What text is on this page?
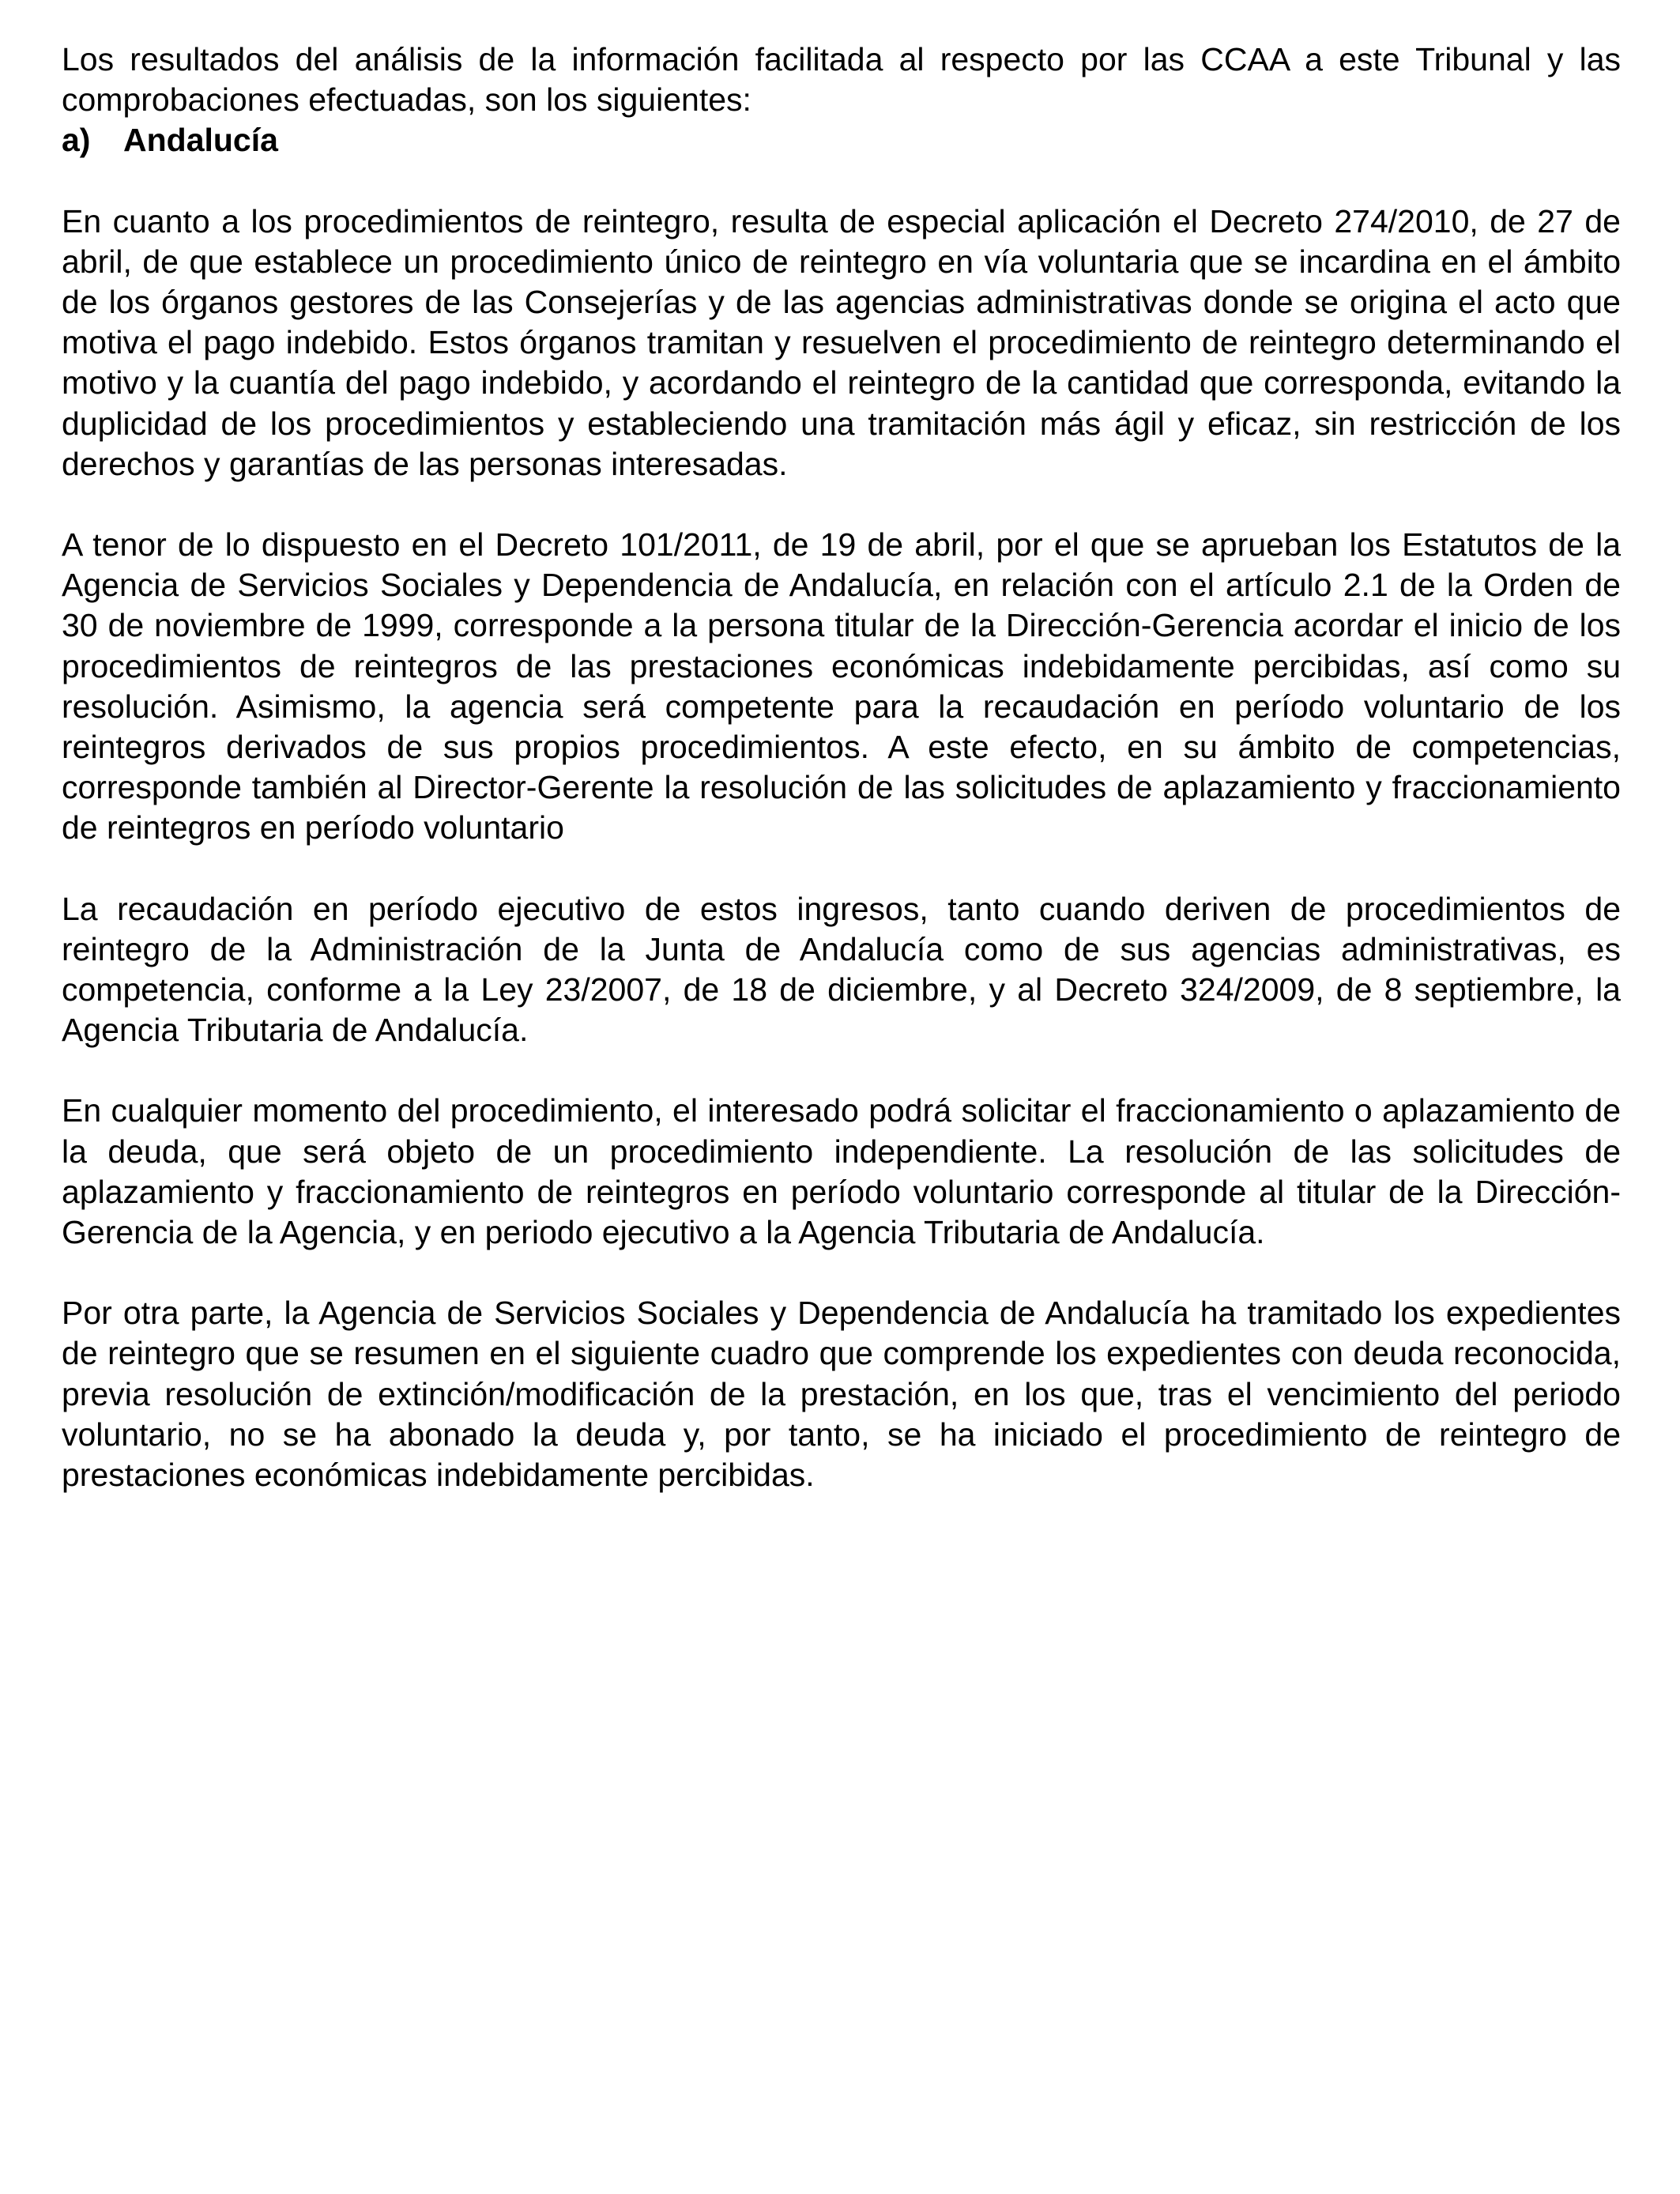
Los resultados del análisis de la información facilitada al respecto por las CCAA a este Tribunal y las comprobaciones efectuadas, son los siguientes:

a)	Andalucía

En cuanto a los procedimientos de reintegro, resulta de especial aplicación el Decreto 274/2010, de 27 de abril, de que establece un procedimiento único de reintegro en vía voluntaria que se incardina en el ámbito de los órganos gestores de las Consejerías y de las agencias administrativas donde se origina el acto que motiva el pago indebido. Estos órganos tramitan y resuelven el procedimiento de reintegro determinando el motivo y la cuantía del pago indebido, y acordando el reintegro de la cantidad que corresponda, evitando la duplicidad de los procedimientos y estableciendo una tramitación más ágil y eficaz, sin restricción de los derechos y garantías de las personas interesadas.

A tenor de lo dispuesto en el Decreto 101/2011, de 19 de abril, por el que se aprueban los Estatutos de la Agencia de Servicios Sociales y Dependencia de Andalucía, en relación con el artículo 2.1 de la Orden de 30 de noviembre de 1999, corresponde a la persona titular de la Dirección-Gerencia acordar el inicio de los procedimientos de reintegros de las prestaciones económicas indebidamente percibidas, así como su resolución. Asimismo, la agencia será competente para la recaudación en período voluntario de los reintegros derivados de sus propios procedimientos. A este efecto, en su ámbito de competencias, corresponde también al Director-Gerente la resolución de las solicitudes de aplazamiento y fraccionamiento de reintegros en período voluntario

La recaudación en período ejecutivo de estos ingresos, tanto cuando deriven de procedimientos de reintegro de la Administración de la Junta de Andalucía como de sus agencias administrativas, es competencia, conforme a la Ley 23/2007, de 18 de diciembre, y al Decreto 324/2009, de 8 septiembre, la Agencia Tributaria de Andalucía.

En cualquier momento del procedimiento, el interesado podrá solicitar el fraccionamiento o aplazamiento de la deuda, que será objeto de un procedimiento independiente. La resolución de las solicitudes de aplazamiento y fraccionamiento de reintegros en período voluntario corresponde al titular de la Dirección-Gerencia de la Agencia, y en periodo ejecutivo a la Agencia Tributaria de Andalucía.

Por otra parte, la Agencia de Servicios Sociales y Dependencia de Andalucía ha tramitado los expedientes de reintegro que se resumen en el siguiente cuadro que comprende los expedientes con deuda reconocida, previa resolución de extinción/modificación de la prestación, en los que, tras el vencimiento del periodo voluntario, no se ha abonado la deuda y, por tanto, se ha iniciado el procedimiento de reintegro de prestaciones económicas indebidamente percibidas.
